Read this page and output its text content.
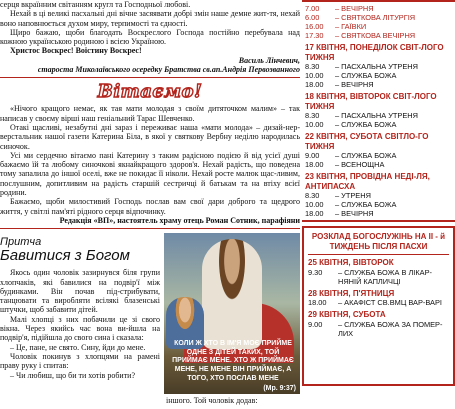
серця вкраїнним світанням кругл та Господньої любові.

Нехай в ці великі пасхальні дні вічне засяявати добрі змін наше демне жит-тя, нехай воно наповнюється духом миру, терпимості та єдності.

Щиро бажаю, щоби благодать Воскреслого Господа постійно перебувала над кожною українською родиною і всією Україною.

Христос Воскрес! Воістину Воскрес!

Василь Лінчевич,
староста Миколаївського осередку Братства св.ап.Андрія Первозванного
Вітаємо!

«Нічого кращого немає, як тая мати молодая з своїм дитяточком малим» – так написав у своєму вірші наш геніальний Тарас Шевченко.

Отакі щасливі, незабутні дні зараз і переживає наша «мати молода» – дизай-нер-верстальник нашої газети Катерина Біла, в якої у святкову Вербну неділю народилась синочок.

Усі ми сердечно вітаємо пані Катерину з таким радісною подією й від усієї душі бажаємо їй та любому синочкові якнайкращого здоров'я. Нехай радість, що поведена тому запалила до іншої оселі, вже не покидає її ніколи. Нехай росте малюк щас-ливим, послушним, допитливим на радість старшій сестричці й батькам та на втіху всієї родини.

Бажаємо, щоби милостивий Господь послав вам свої дари доброго та щедрого життя, у світлі пам'яті рідного серця відпочинку.

Редакція «ВП», настоятель храму отець Роман Сотник, парафіяни
Притча
Бавитися з Богом

Якось один чоловік зазирнувся біля групи хлопчаків, які бавилися на подвір'ї між будинками. Він почав під-стрибувати, танцювати та виробляти всілякі блазенські штучки, щоб забавити дітей.

Малі хлопці з них побачили це зі свого вікна. Через якийсь час вона ви-йшла на подвір'я, підійшла до свого сина і сказала:

– Це, пане, не свято. Сину, йди до мене.

Чоловік покинув з хлопцями на рамені праву руку і спитав:

– Чи любиш, що би ти хотів робити?

КОЛИ Ж ХТО В ІМ'Я МОЄ ПРИЙМЕ ОДНЕ З ДІТЕЙ ТАКИХ, ТОЙ ПРИЙМАЄ МЕНЕ. ХТО Ж ПРИЙМАЄ МЕНЕ, НЕ МЕНЕ ВІН ПРИЙМАЄ, А ТОГО, ХТО ПОСЛАВ МЕНЕ
(Мр. 9:37)
іншого. Той чоловік додав:
7.00	– ВЕЧІРНЯ
6.00	– СВЯТКОВА ЛІТУРГІЯ
16.00	– ГАЇВКИ
17.30	– СВЯТКОВА ВЕЧІРНЯ
17 КВІТНЯ, ПОНЕДІЛОК СВІТ-ЛОГО ТИЖНЯ
8.30	– ПАСХАЛЬНА УТРЕНЯ
10.00	– СЛУЖБА БОЖА
18.00	– ВЕЧІРНЯ
18 КВІТНЯ, ВІВТОРОК СВІТ-ЛОГО ТИЖНЯ
8.30	– ПАСХАЛЬНА УТРЕНЯ
10.00	– СЛУЖБА БОЖА
22 КВІТНЯ, СУБОТА СВІТЛО-ГО ТИЖНЯ
9.00	– СЛУЖБА БОЖА
18.00	– ВСЕНОЩНА
23 КВІТНЯ, ПРОВІДНА НЕДІ-ЛЯ, АНТИПАСХА
8.30	– УТРЕНЯ
10.00	– СЛУЖБА БОЖА
18.00	– ВЕЧІРНЯ
РОЗКЛАД БОГОСЛУЖІНЬ НА II - й ТИЖДЕНЬ ПІСЛЯ ПАСХИ
25 КВІТНЯ, ВІВТОРОК
9.30	– СЛУЖБА БОЖА В ЛІКАР-НЯНІЙ КАПЛИЧЦІ
28 КВІТНЯ, П'ЯТНИЦЯ
18.00	– АКАФІСТ СВ.ВМЦ ВАР-ВАРІ
29 КВІТНЯ, СУБОТА
9.00	– СЛУЖБА БОЖА ЗА ПОМЕР-ЛИХ
